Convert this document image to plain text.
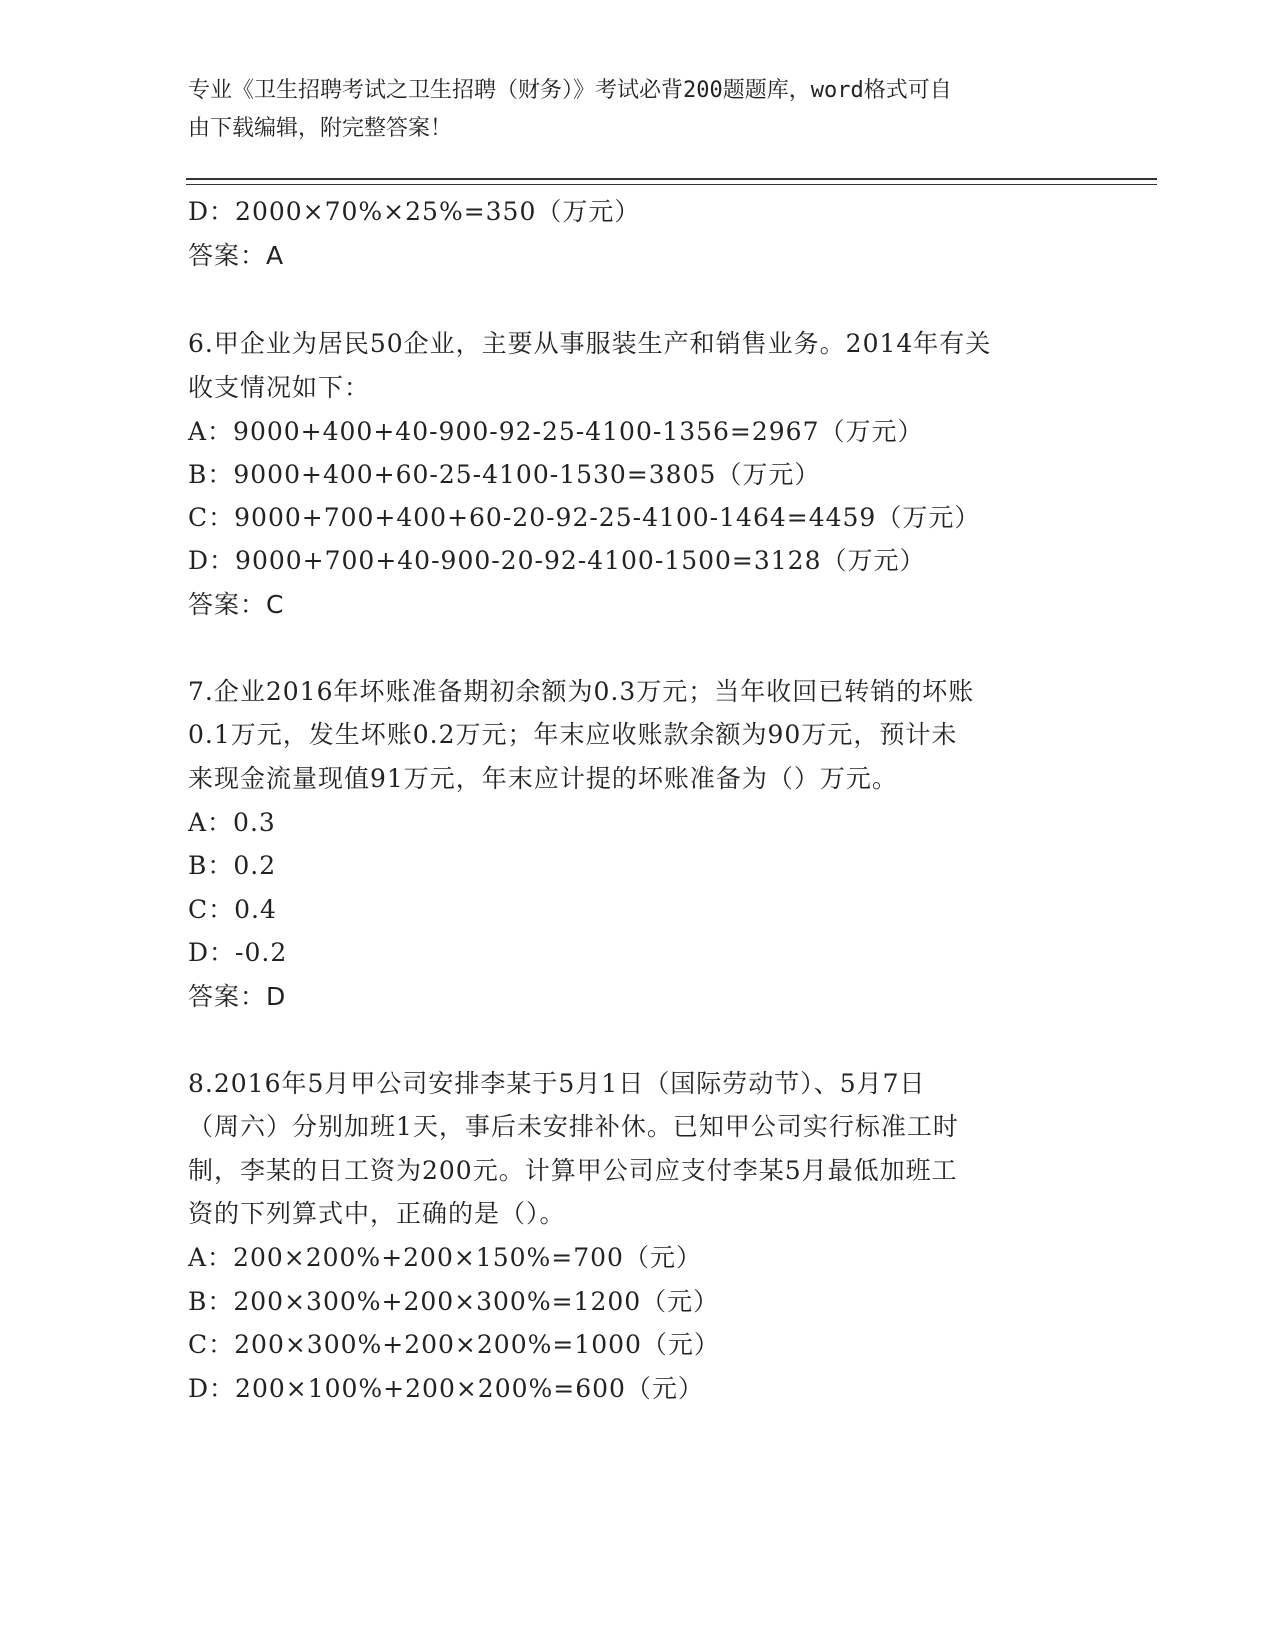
专业《卫生招聘考试之卫生招聘（财务）》考试必背200题题库，word格式可自
由下载编辑，附完整答案！
D：2000×70%×25%=350（万元）
答案：A
6.甲企业为居民50企业，主要从事服装生产和销售业务。2014年有关
收支情况如下：
A：9000+400+40-900-92-25-4100-1356=2967（万元）
B：9000+400+60-25-4100-1530=3805（万元）
C：9000+700+400+60-20-92-25-4100-1464=4459（万元）
D：9000+700+40-900-20-92-4100-1500=3128（万元）
答案：C
7.企业2016年坏账准备期初余额为0.3万元；当年收回已转销的坏账
0.1万元，发生坏账0.2万元；年末应收账款余额为90万元，预计未
来现金流量现值91万元，年末应计提的坏账准备为（）万元。
A：0.3
B：0.2
C：0.4
D：-0.2
答案：D
8.2016年5月甲公司安排李某于5月1日（国际劳动节）、5月7日
（周六）分别加班1天，事后未安排补休。已知甲公司实行标准工时
制，李某的日工资为200元。计算甲公司应支付李某5月最低加班工
资的下列算式中，正确的是（）。
A：200×200%+200×150%=700（元）
B：200×300%+200×300%=1200（元）
C：200×300%+200×200%=1000（元）
D：200×100%+200×200%=600（元）
